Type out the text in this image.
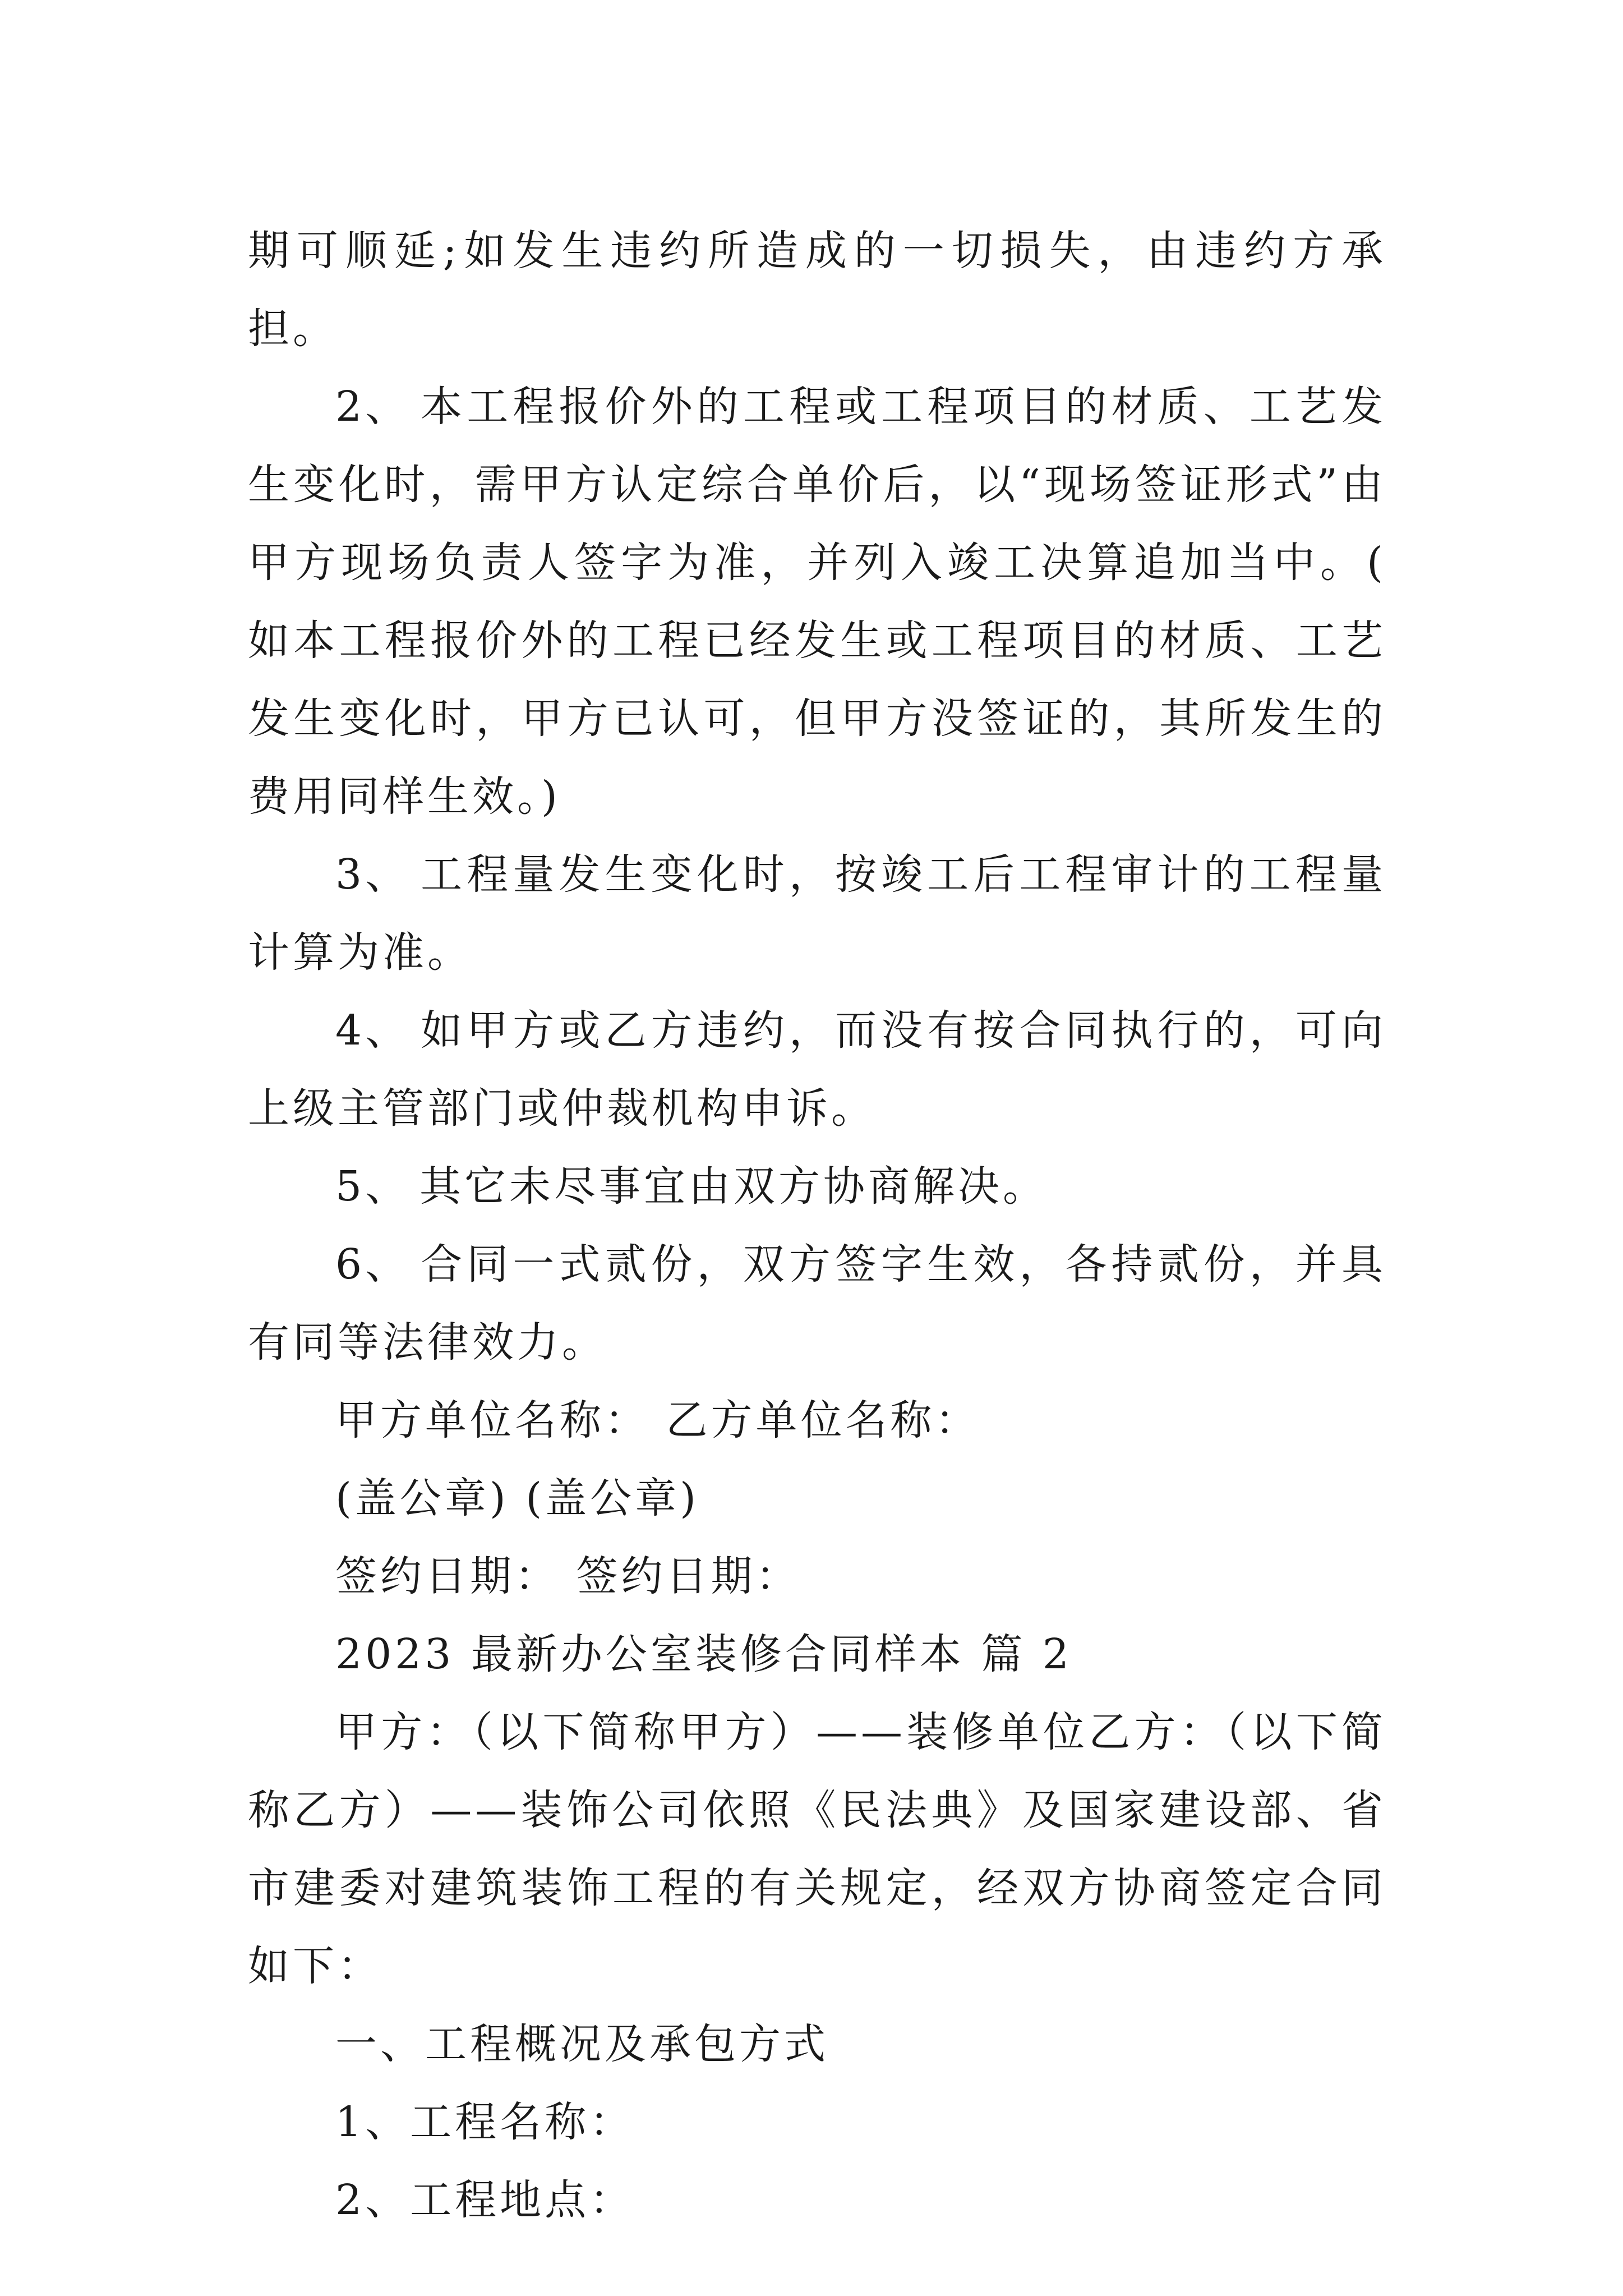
期可顺延;如发生违约所造成的一切损失，由违约方承担。

2、 本工程报价外的工程或工程项目的材质、工艺发生变化时，需甲方认定综合单价后，以“现场签证形式”由甲方现场负责人签字为准，并列入竣工决算追加当中。( 如本工程报价外的工程已经发生或工程项目的材质、工艺发生变化时，甲方已认可，但甲方没签证的，其所发生的费用同样生效。)

3、 工程量发生变化时，按竣工后工程审计的工程量计算为准。

4、 如甲方或乙方违约，而没有按合同执行的，可向上级主管部门或仲裁机构申诉。

5、 其它未尽事宜由双方协商解决。

6、 合同一式贰份，双方签字生效，各持贰份，并具有同等法律效力。

甲方单位名称： 乙方单位名称：

(盖公章) (盖公章)

签约日期： 签约日期：

2023 最新办公室装修合同样本 篇 2

甲方：（以下简称甲方）——装修单位乙方：（以下简称乙方）——装饰公司依照《民法典》及国家建设部、省市建委对建筑装饰工程的有关规定，经双方协商签定合同如下：

一、工程概况及承包方式

1、工程名称：

2、工程地点：
